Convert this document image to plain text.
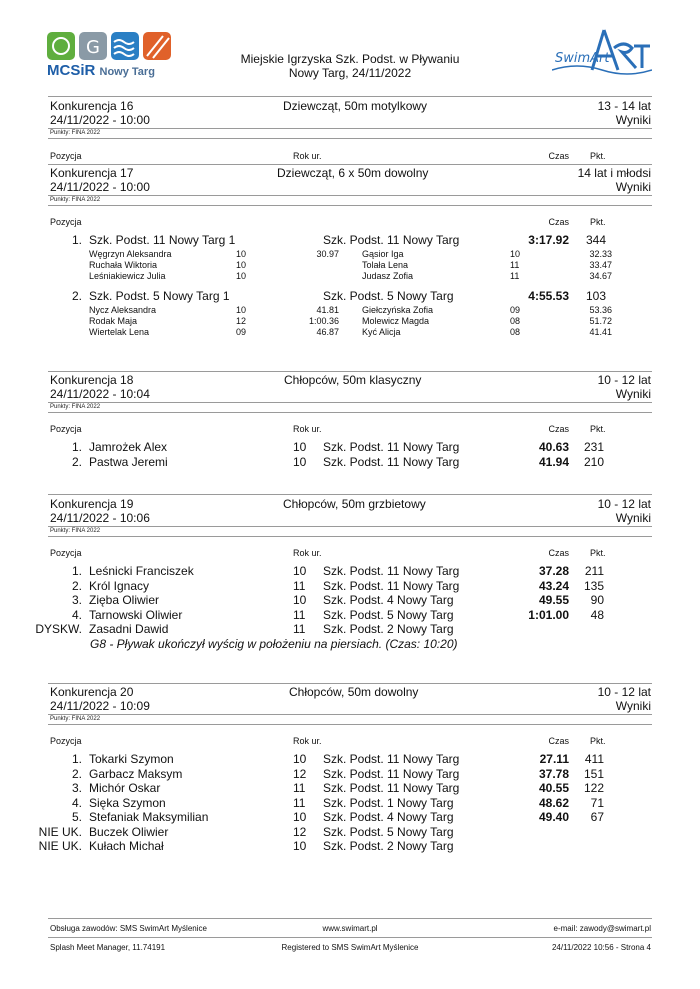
G
MCSiR Nowy Targ
Miejskie Igrzyska Szk. Podst. w Pływaniu
Nowy Targ, 24/11/2022
SwimArt
Konkurencja 16
24/11/2022 - 10:00
Dziewcząt, 50m motylkowy	13 - 14 lat
Wyniki
Punkty: FINA 2022
Pozycja	Rok ur.	Czas Pkt.
Konkurencja 17
24/11/2022 - 10:00
Dziewcząt, 6 x 50m dowolny	14 lat i młodsi
Wyniki
Punkty: FINA 2022
Pozycja	Czas Pkt.
1. Szk. Podst. 11 Nowy Targ 1	Szk. Podst. 11 Nowy Targ	3:17.92 344
Węgrzyn Aleksandra	10	30.97	Gąsior Iga	10	32.33
Ruchała Wiktoria	10	Tolała Lena	11	33.47
Leśniakiewicz Julia	10	Judasz Zofia	11	34.67
2. Szk. Podst. 5 Nowy Targ 1	Szk. Podst. 5 Nowy Targ	4:55.53 103
Nycz Aleksandra	10	41.81	Giełczyńska Zofia	09	53.36
Rodak Maja	12	1:00.36	Molewicz Magda	08	51.72
Wiertelak Lena	09	46.87	Kyć Alicja	08	41.41
Konkurencja 18
24/11/2022 - 10:04
Chłopców, 50m klasyczny	10 - 12 lat
Wyniki
Punkty: FINA 2022
Pozycja	Rok ur.	Czas Pkt.
1. Jamrożek Alex	10 Szk. Podst. 11 Nowy Targ	40.63 231
2. Pastwa Jeremi	10 Szk. Podst. 11 Nowy Targ	41.94 210
Konkurencja 19
24/11/2022 - 10:06
Chłopców, 50m grzbietowy	10 - 12 lat
Wyniki
Punkty: FINA 2022
Pozycja	Rok ur.	Czas Pkt.
1. Leśnicki Franciszek	10 Szk. Podst. 11 Nowy Targ	37.28 211
2. Król Ignacy	11 Szk. Podst. 11 Nowy Targ	43.24 135
3. Zięba Oliwier	10 Szk. Podst. 4 Nowy Targ	49.55 90
4. Tarnowski Oliwier	11 Szk. Podst. 5 Nowy Targ	1:01.00 48
DYSKW. Zasadni Dawid	11 Szk. Podst. 2 Nowy Targ
G8 - Pływak ukończył wyścig w położeniu na piersiach. (Czas: 10:20)
Konkurencja 20
24/11/2022 - 10:09
Chłopców, 50m dowolny	10 - 12 lat
Wyniki
Punkty: FINA 2022
Pozycja	Rok ur.	Czas Pkt.
1. Tokarki Szymon	10 Szk. Podst. 11 Nowy Targ	27.11 411
2. Garbacz Maksym	12 Szk. Podst. 11 Nowy Targ	37.78 151
3. Michór Oskar	11 Szk. Podst. 11 Nowy Targ	40.55 122
4. Sięka Szymon	11 Szk. Podst. 1 Nowy Targ	48.62 71
5. Stefaniak Maksymilian	10 Szk. Podst. 4 Nowy Targ	49.40 67
NIE UK. Buczek Oliwier	12 Szk. Podst. 5 Nowy Targ
NIE UK. Kułach Michał	10 Szk. Podst. 2 Nowy Targ
Obsługa zawodów: SMS SwimArt Myślenice	www.swimart.pl	e-mail: zawody@swimart.pl
Splash Meet Manager, 11.74191	Registered to SMS SwimArt Myślenice	24/11/2022 10:56 - Strona 4
